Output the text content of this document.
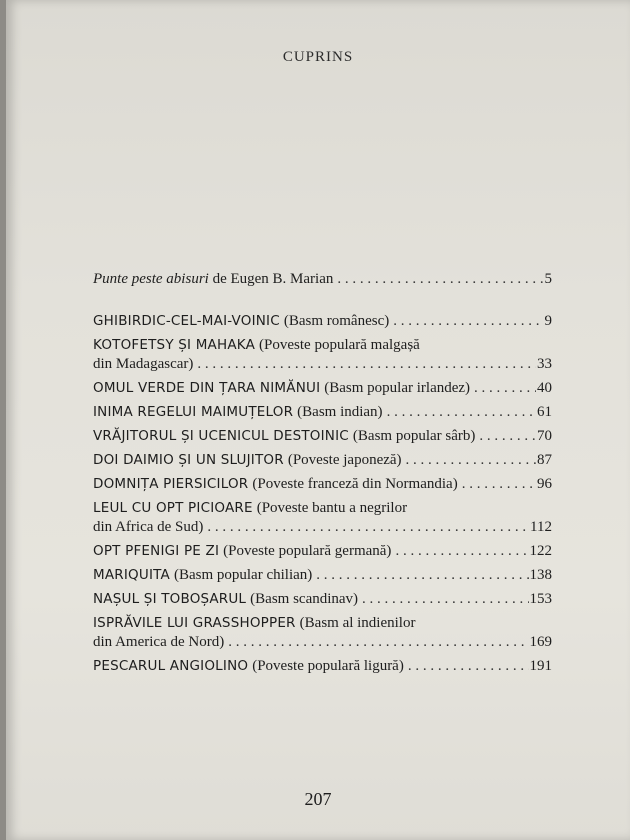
CUPRINS
Punte peste abisuri
de Eugen B. Marian . . .	5
GHIBIRDIC-CEL-MAI-VOINIC (Basm românesc) . . .	9
KOTOFETSY ȘI MAHAKA (Poveste populară malgașă
din Madagascar) . . .	33
OMUL VERDE DIN ȚARA NIMĂNUI (Basm popular irlandez) . . .	40
INIMA REGELUI MAIMUȚELOR (Basm indian) . . .	61
VRĂJITORUL ȘI UCENICUL DESTOINIC (Basm popular sârb) . . .	70
DOI DAIMIO ȘI UN SLUJITOR (Poveste japoneză) . . .	87
DOMNIȚA PIERSICILOR (Poveste franceză din Normandia) . . .	96
LEUL CU OPT PICIOARE (Poveste bantu a negrilor
din Africa de Sud) . . .	112
OPT PFENIGI PE ZI (Poveste populară germană) . . .	122
MARIQUITA (Basm popular chilian) . . .	138
NAȘUL ȘI TOBOȘARUL (Basm scandinav) . . .	153
ISPRĂVILE LUI GRASSHOPPER (Basm al indienilor
din America de Nord) . . .	169
PESCARUL ANGIOLINO (Poveste populară ligură) . . .	191
207
